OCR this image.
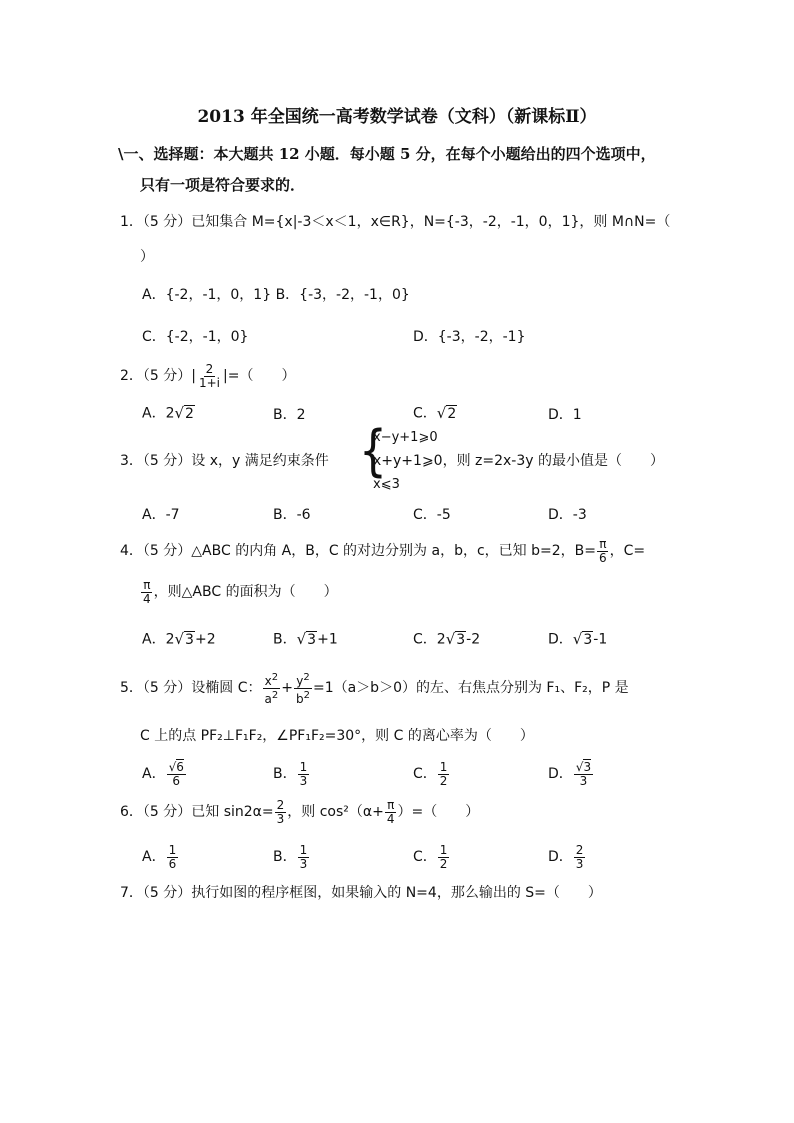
2013 年全国统一高考数学试卷（文科）（新课标Ⅱ）
\一、选择题：本大题共 12 小题．每小题 5 分，在每个小题给出的四个选项中，
只有一项是符合要求的．
1．（5 分）已知集合 M={x|-3＜x＜1，x∈R}，N={-3，-2，-1，0，1}，则 M∩N=（
）
A．{-2，-1，0，1} B．{-3，-2，-1，0}
C．{-2，-1，0}	D．{-3，-2，-1}
2．（5 分）| $\frac{2}{1+i}$ |=（　　）
A．2√2	B．2	C．√2	D．1
3．（5 分）设 x，y 满足约束条件 {
x−y+1⩾0
x+y+1⩾0，则 z=2x-3y 的最小值是（　　）
x⩽3
A．-7	B．-6	C．-5	D．-3
4．（5 分）△ABC 的内角 A，B，C 的对边分别为 a，b，c，已知 b=2，$B= \frac{\pi}{6}$ ，C=
$\frac{\pi}{4}$ ，则△ABC 的面积为（　　）
A．2√3+2	B．√3+1	C．2√3-2	D．√3-1
5．（5 分）设椭圆 C： $\frac{x^2}{a^2} + \frac{y^2}{b^2} =1(a>b>0)$的左、右焦点分别为 F₁、F₂，P 是
C 上的点 PF₂⊥F₁F₂，∠PF₁F₂=30°，则 C 的离心率为（　　）
A． $\frac{√6}{6}$	B． $\frac{1}{3}$	C． $\frac{1}{2}$	D． $\frac{√3}{3}$
6．（5 分）已知 $\sin 2\alpha= \frac{2}{3}$ ，则 $\cos^2(\alpha+ \frac{\pi}{4}$ ）=（　　）
A． $\frac{1}{6}$	B． $\frac{1}{3}$	C． $\frac{1}{2}$	D． $\frac{2}{3}$
7．（5 分）执行如图的程序框图，如果输入的 N=4，那么输出的 S=（　　）
